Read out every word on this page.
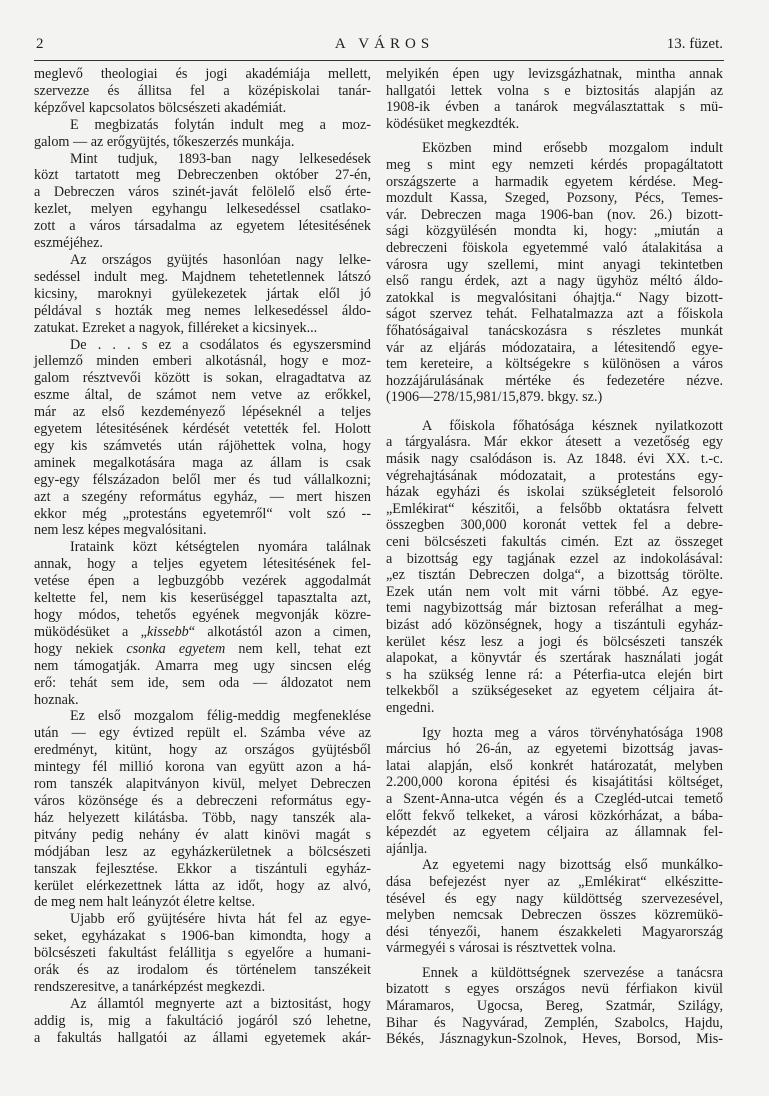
2	A VÁROS	13. füzet.
meglevő theologiai és jogi akadémiája mellett,
szervezze és állitsa fel a középiskolai tanár-
képzővel kapcsolatos bölcsészeti akadémiát.
E megbizatás folytán indult meg a moz-
galom — az erőgyüjtés, tőkeszerzés munkája.
Mint tudjuk, 1893-ban nagy lelkesedések
közt tartatott meg Debreczenben október 27-én,
a Debreczen város szinét-javát felölelő első érte-
kezlet, melyen egyhangu lelkesedéssel csatlako-
zott a város társadalma az egyetem létesitésének
eszméjéhez.
Az országos gyüjtés hasonlóan nagy lelke-
sedéssel indult meg. Majdnem tehetetlennek látszó
kicsiny, maroknyi gyülekezetek jártak elől jó
példával s hozták meg nemes lelkesedéssel áldo-
zatukat. Ezreket a nagyok, filléreket a kicsinyek...
De . . . s ez a csodálatos és egyszersmind
jellemző minden emberi alkotásnál, hogy e moz-
galom résztvevői között is sokan, elragadtatva az
eszme által, de számot nem vetve az erőkkel,
már az első kezdeményező lépéseknél a teljes
egyetem létesitésének kérdését vetették fel. Holott
egy kis számvetés után rájöhettek volna, hogy
aminek megalkotására maga az állam is csak
egy-egy félszázadon belől mer és tud vállalkozni;
azt a szegény református egyház, — mert hiszen
ekkor még „protestáns egyetemről“ volt szó --
nem lesz képes megvalósitani.
Irataink közt kétségtelen nyomára találnak
annak, hogy a teljes egyetem létesitésének fel-
vetése épen a legbuzgóbb vezérek aggodalmát
keltette fel, nem kis keserüséggel tapasztalta azt,
hogy módos, tehetős egyének megvonják közre-
müködésüket a „kissebb“ alkotástól azon a cimen,
hogy nekiek csonka egyetem nem kell, tehat ezt
nem támogatják. Amarra meg ugy sincsen elég
erő: tehát sem ide, sem oda — áldozatot nem
hoznak.
Ez első mozgalom félig-meddig megfeneklése
után — egy évtized repült el. Számba véve az
eredményt, kitünt, hogy az országos gyüjtésből
mintegy fél millió korona van együtt azon a há-
rom tanszék alapitványon kivül, melyet Debreczen
város közönsége és a debreczeni református egy-
ház helyezett kilátásba. Több, nagy tanszék ala-
pitvány pedig nehány év alatt kinövi magát s
módjában lesz az egyházkerületnek a bölcsészeti
tanszak fejlesztése. Ekkor a tiszántuli egyház-
kerület elérkezettnek látta az időt, hogy az alvó,
de meg nem halt leányzót életre keltse.
Ujabb erő gyüjtésére hivta hát fel az egye-
seket, egyházakat s 1906-ban kimondta, hogy a
bölcsészeti fakultást felállitja s egyelőre a humani-
orák és az irodalom és történelem tanszékeit
rendszeresitve, a tanárképzést megkezdi.
Az államtól megnyerte azt a biztositást, hogy
addig is, mig a fakultáció jogáról szó lehetne,
a fakultás hallgatói az állami egyetemek akár-
melyikén épen ugy levizsgázhatnak, mintha annak
hallgatói lettek volna s e biztositás alapján az
1908-ik évben a tanárok megválasztattak s mü-
ködésüket megkezdték.
Eközben mind erősebb mozgalom indult
meg s mint egy nemzeti kérdés propagáltatott
országszerte a harmadik egyetem kérdése. Meg-
mozdult Kassa, Szeged, Pozsony, Pécs, Temes-
vár. Debreczen maga 1906-ban (nov. 26.) bizott-
sági közgyülésén mondta ki, hogy: „miután a
debreczeni föiskola egyetemmé való átalakitása a
városra ugy szellemi, mint anyagi tekintetben
első rangu érdek, azt a nagy ügyhöz méltó áldo-
zatokkal is megvalósitani óhajtja.“ Nagy bizott-
ságot szervez tehát. Felhatalmazza azt a főiskola
főhatóságaival tanácskozásra s részletes munkát
vár az eljárás módozataira, a létesitendő egye-
tem kereteire, a költségekre s különösen a város
hozzájárulásának mértéke és fedezetére nézve.
(1906—278/15,981/15,879. bkgy. sz.)
A főiskola főhatósága késznek nyilatkozott
a tárgyalásra. Már ekkor átesett a vezetőség egy
másik nagy csalódáson is. Az 1848. évi XX. t.-c.
végrehajtásának módozatait, a protestáns egy-
házak egyházi és iskolai szükségleteit felsoroló
„Emlékirat“ készitői, a felsőbb oktatásra felvett
összegben 300,000 koronát vettek fel a debre-
ceni bölcsészeti fakultás cimén. Ezt az összeget
a bizottság egy tagjának ezzel az indokolásával:
„ez tisztán Debreczen dolga“, a bizottság törölte.
Ezek után nem volt mit várni többé. Az egye-
temi nagybizottság már biztosan referálhat a meg-
bizást adó közönségnek, hogy a tiszántuli egyház-
kerület kész lesz a jogi és bölcsészeti tanszék
alapokat, a könyvtár és szertárak használati jogát
s ha szükség lenne rá: a Péterfia-utca elején birt
telkekből a szükségeseket az egyetem céljaira át-
engedni.
Igy hozta meg a város törvényhatósága 1908
március hó 26-án, az egyetemi bizottság javas-
latai alapján, első konkrét határozatát, melyben
2.200,000 korona épitési és kisajátitási költséget,
a Szent-Anna-utca végén és a Czegléd-utcai temető
előtt fekvő telkeket, a városi közkórházat, a bába-
képezdét az egyetem céljaira az államnak fel-
ajánlja.
Az egyetemi nagy bizottság első munkálko-
dása befejezést nyer az „Emlékirat“ elkészitte-
tésével és egy nagy küldöttség szervezesével,
melyben nemcsak Debreczen összes közremükö-
dési tényezői, hanem északkeleti Magyarország
vármegyéi s városai is résztvettek volna.
Ennek a küldöttségnek szervezése a tanácsra
bizatott s egyes országos nevü férfiakon kivül
Máramaros, Ugocsa, Bereg, Szatmár, Szilágy,
Bihar és Nagyvárad, Zemplén, Szabolcs, Hajdu,
Békés, Jásznagykun-Szolnok, Heves, Borsod, Mis-
